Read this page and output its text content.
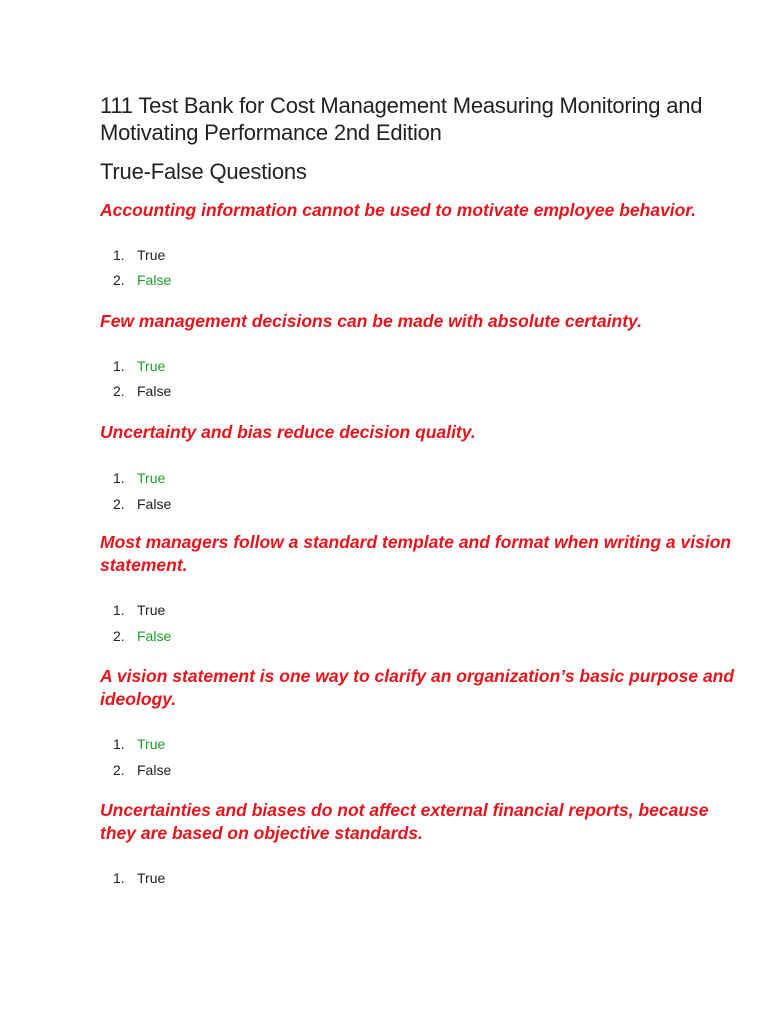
111 Test Bank for Cost Management Measuring Monitoring and Motivating Performance 2nd Edition
True-False Questions

Accounting information cannot be used to motivate employee behavior.

1. True
2. False

Few management decisions can be made with absolute certainty.

1. True
2. False

Uncertainty and bias reduce decision quality.

1. True
2. False

Most managers follow a standard template and format when writing a vision statement.

1. True
2. False

A vision statement is one way to clarify an organization’s basic purpose and ideology.

1. True
2. False

Uncertainties and biases do not affect external financial reports, because they are based on objective standards.

1. True
